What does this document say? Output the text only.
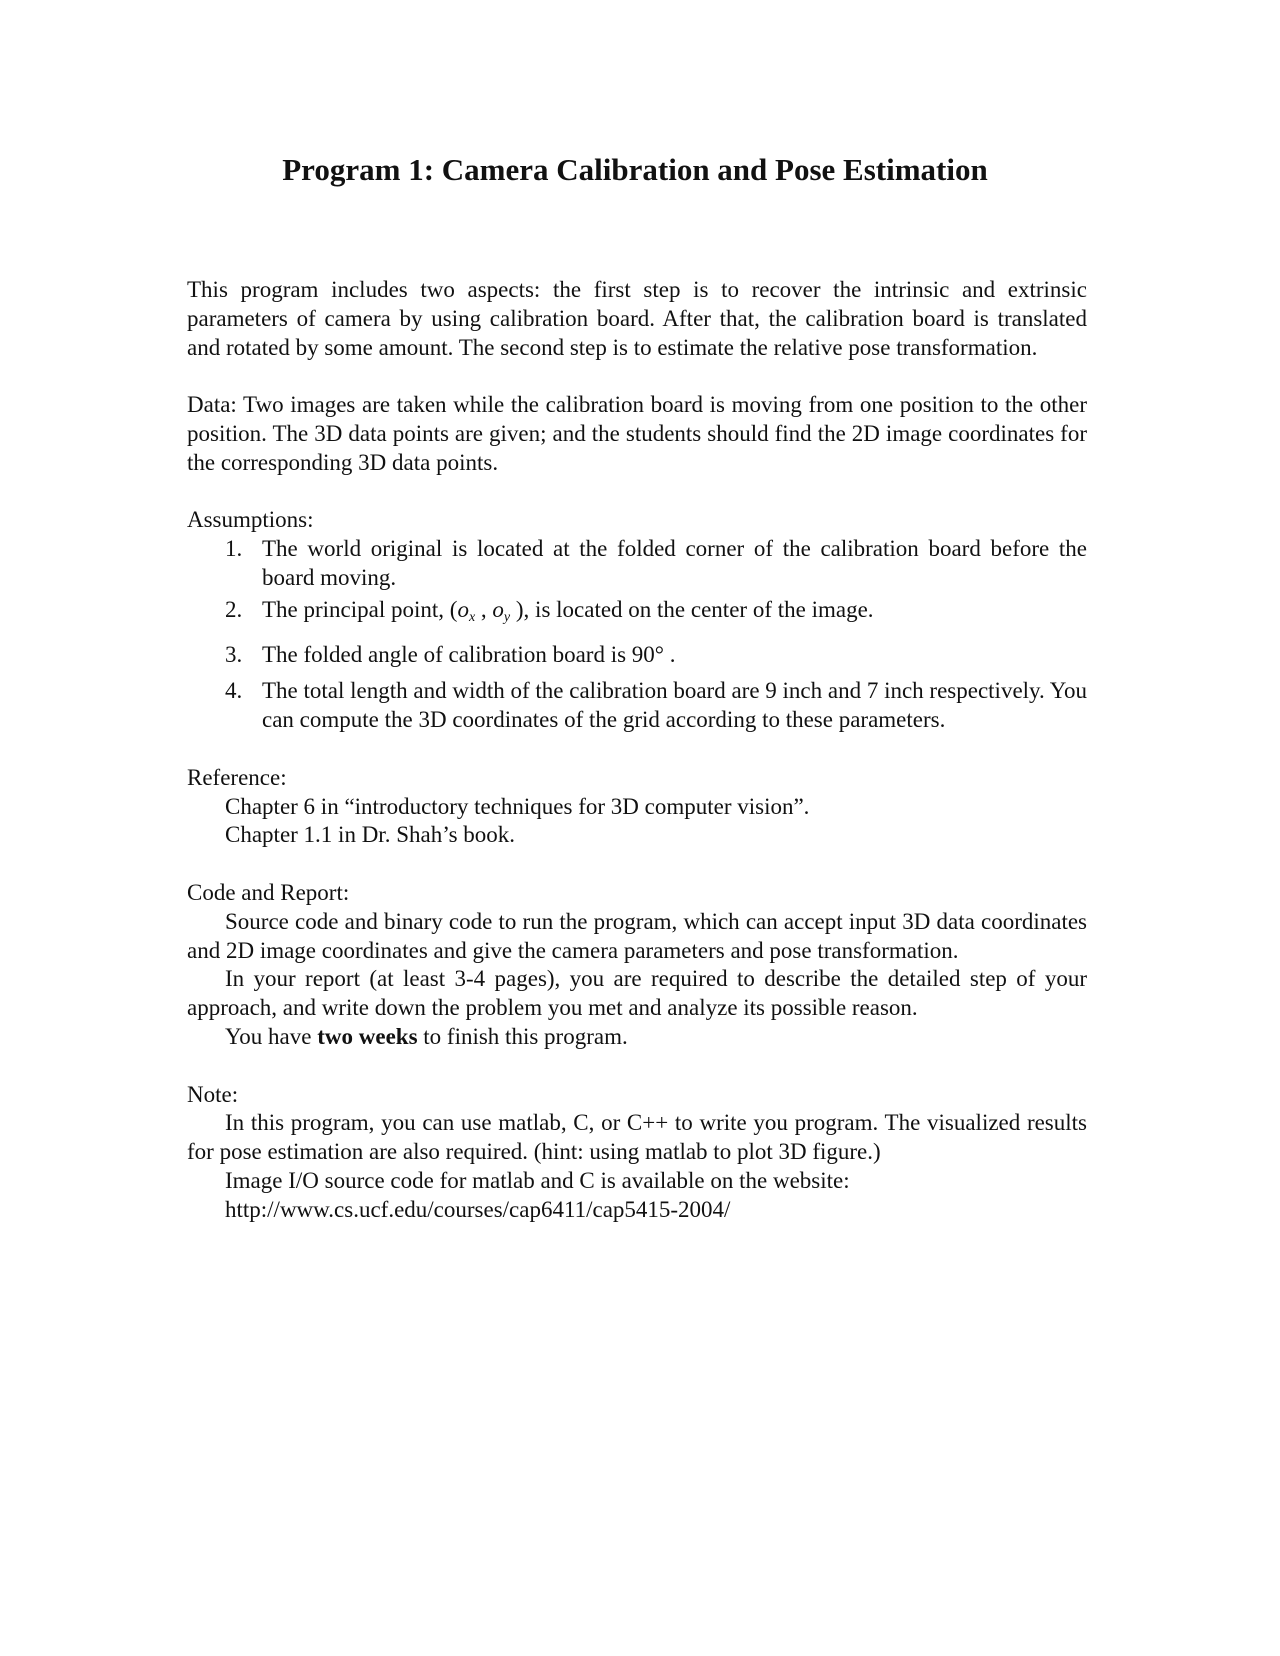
Program 1: Camera Calibration and Pose Estimation

This program includes two aspects: the first step is to recover the intrinsic and extrinsic parameters of camera by using calibration board. After that, the calibration board is translated and rotated by some amount. The second step is to estimate the relative pose transformation.

Data: Two images are taken while the calibration board is moving from one position to the other position. The 3D data points are given; and the students should find the 2D image coordinates for the corresponding 3D data points.

Assumptions:

1. The world original is located at the folded corner of the calibration board before the board moving.
2. The principal point, ($o_x$ , $o_y$ ), is located on the center of the image.
3. The folded angle of calibration board is 90° .
4. The total length and width of the calibration board are 9 inch and 7 inch respectively. You can compute the 3D coordinates of the grid according to these parameters.

Reference:

Chapter 6 in “introductory techniques for 3D computer vision”.

Chapter 1.1 in Dr. Shah’s book.

Code and Report:

Source code and binary code to run the program, which can accept input 3D data coordinates and 2D image coordinates and give the camera parameters and pose transformation.

In your report (at least 3-4 pages), you are required to describe the detailed step of your approach, and write down the problem you met and analyze its possible reason.

You have two weeks to finish this program.

Note:

In this program, you can use matlab, C, or C++ to write you program. The visualized results for pose estimation are also required. (hint: using matlab to plot 3D figure.)

Image I/O source code for matlab and C is available on the website:

http://www.cs.ucf.edu/courses/cap6411/cap5415-2004/
